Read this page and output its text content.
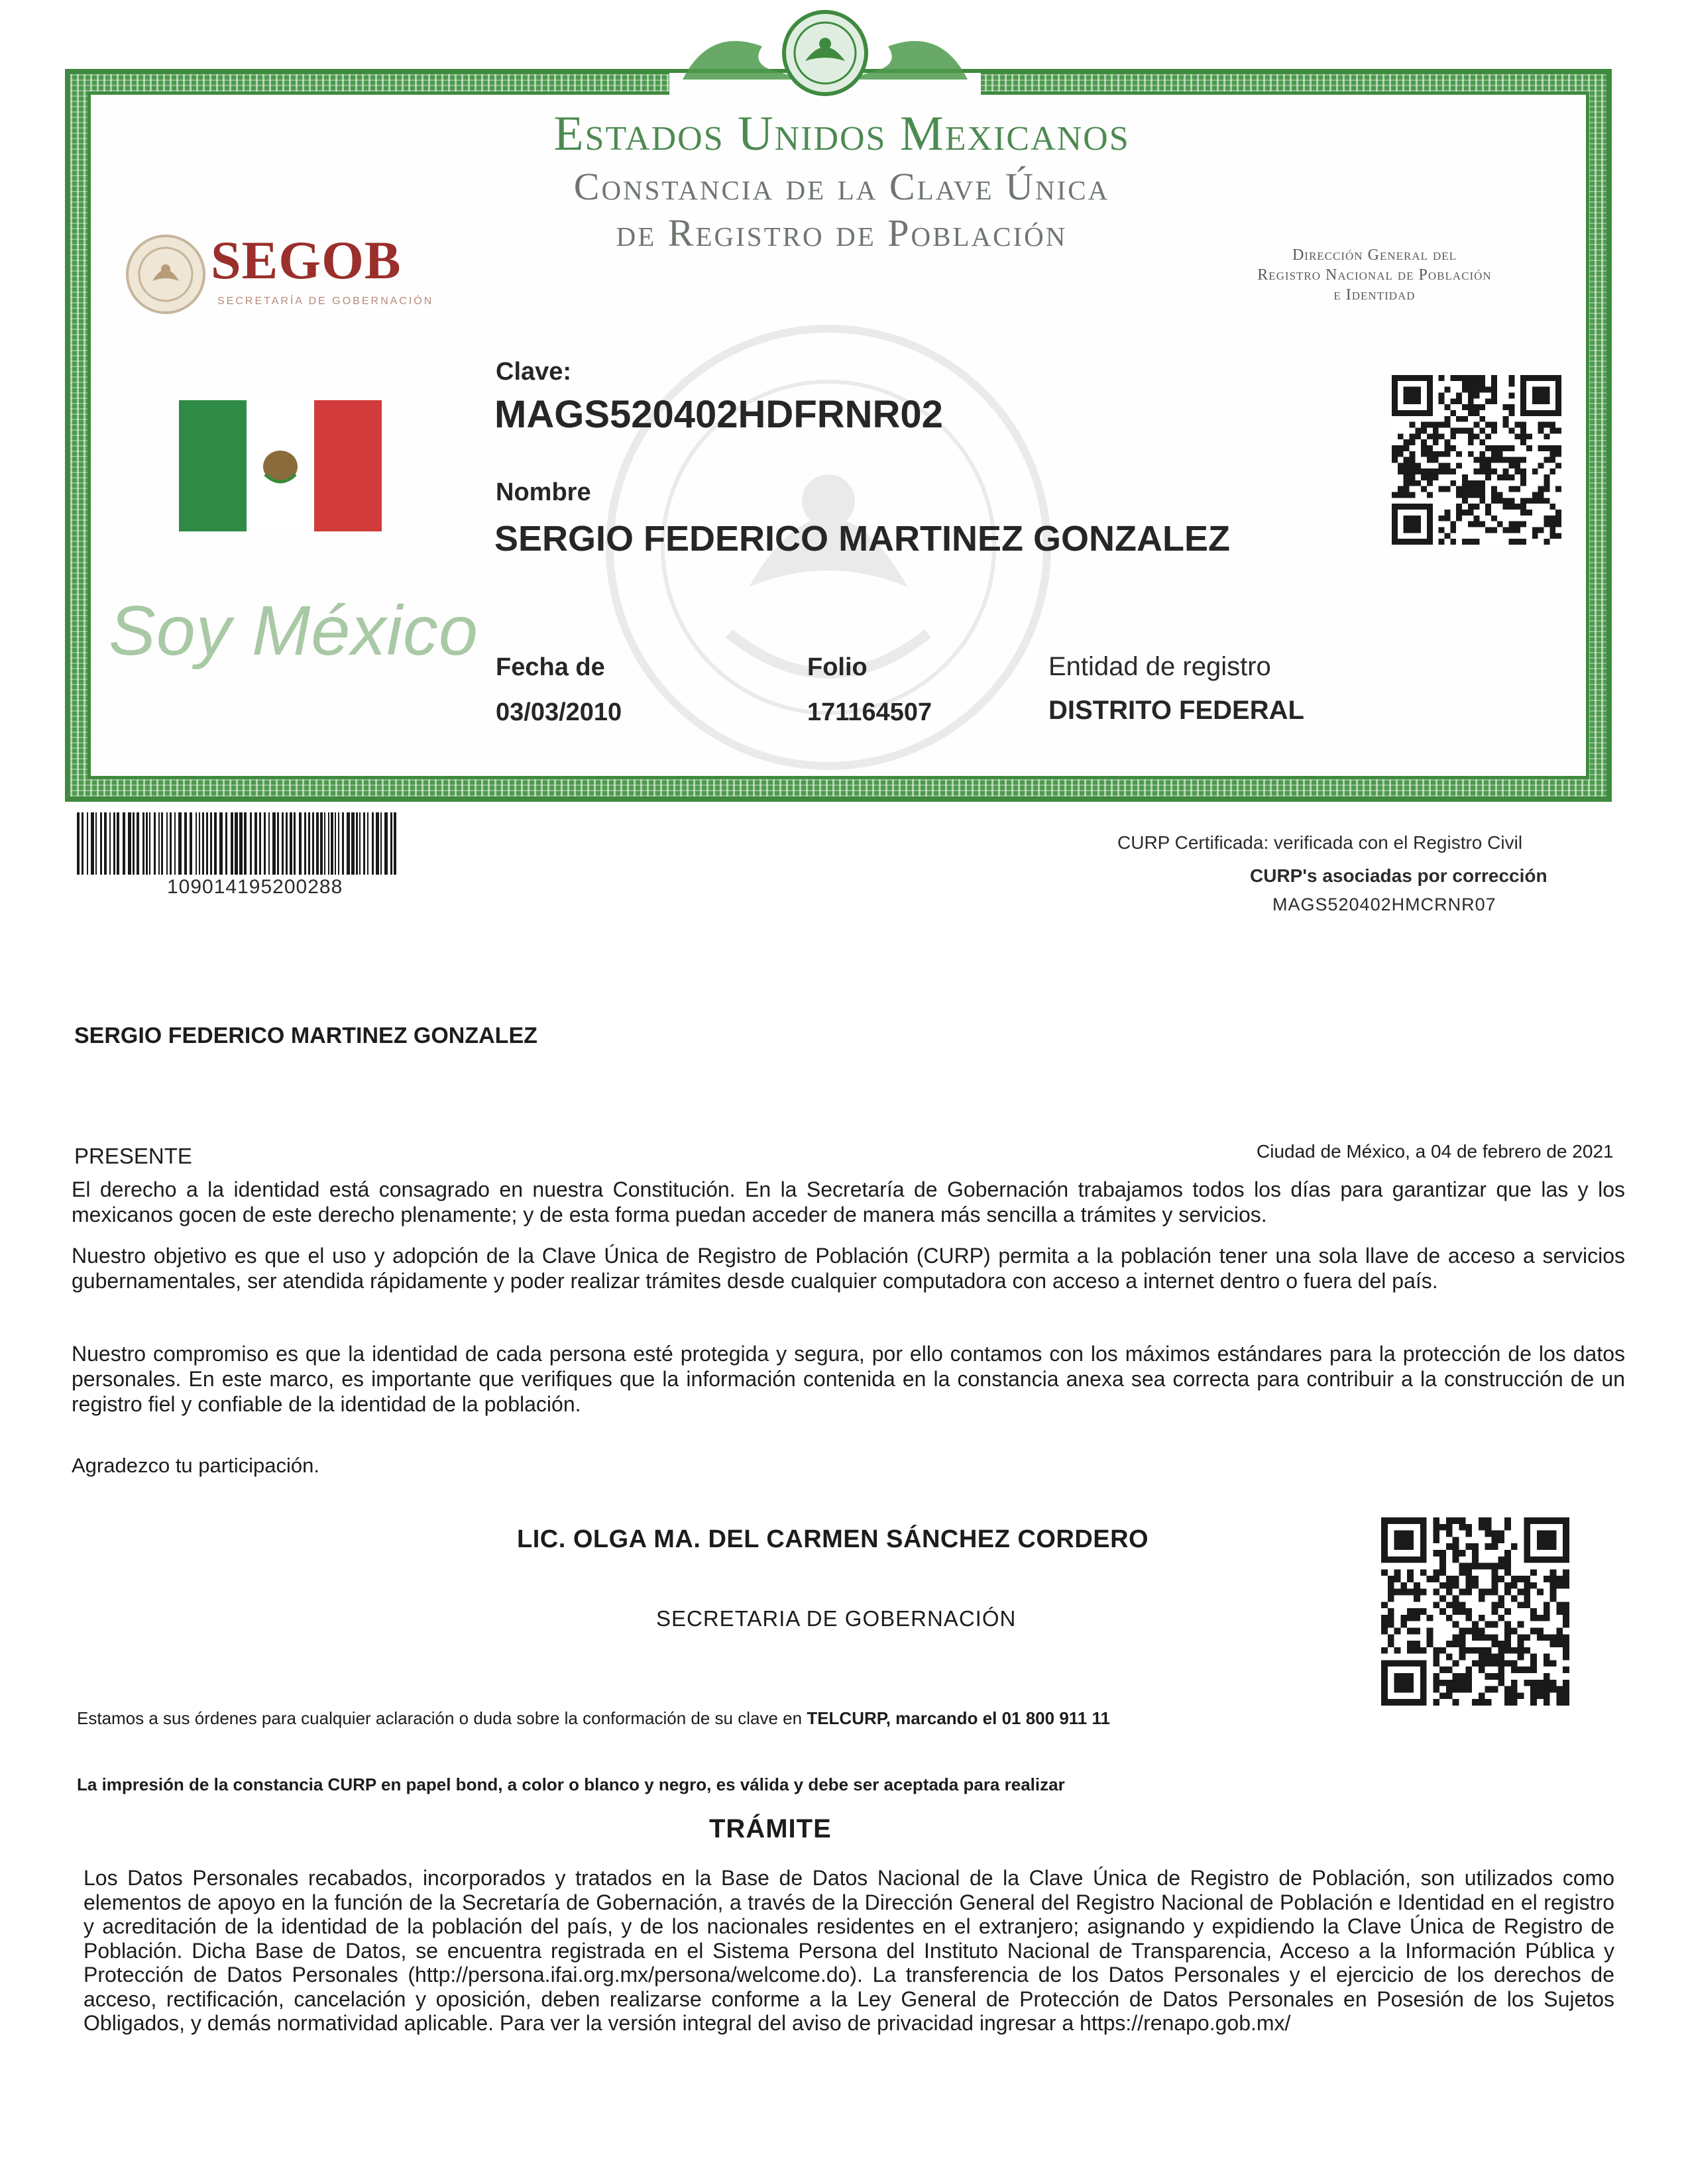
Estados Unidos Mexicanos
Constancia de la Clave Única
de Registro de Población
SEGOB
SECRETARÍA DE GOBERNACIÓN
Dirección General del
Registro Nacional de Población
e Identidad
Soy México
Clave:
MAGS520402HDFRNR02
Nombre
SERGIO FEDERICO MARTINEZ GONZALEZ
Fecha de
03/03/2010
Folio
171164507
Entidad de registro
DISTRITO FEDERAL
109014195200288
CURP Certificada: verificada con el Registro Civil
CURP's asociadas por corrección
MAGS520402HMCRNR07
SERGIO FEDERICO MARTINEZ GONZALEZ
PRESENTE	Ciudad de México, a 04 de febrero de 2021
El derecho a la identidad está consagrado en nuestra Constitución. En la Secretaría de Gobernación trabajamos todos los días para garantizar que las y los mexicanos gocen de este derecho plenamente; y de esta forma puedan acceder de manera más sencilla a trámites y servicios.
Nuestro objetivo es que el uso y adopción de la Clave Única de Registro de Población (CURP) permita a la población tener una sola llave de acceso a servicios gubernamentales, ser atendida rápidamente y poder realizar trámites desde cualquier computadora con acceso a internet dentro o fuera del país.
Nuestro compromiso es que la identidad de cada persona esté protegida y segura, por ello contamos con los máximos estándares para la protección de los datos personales. En este marco, es importante que verifiques que la información contenida en la constancia anexa sea correcta para contribuir a la construcción de un registro fiel y confiable de la identidad de la población.
Agradezco tu participación.
LIC. OLGA MA. DEL CARMEN SÁNCHEZ CORDERO
SECRETARIA DE GOBERNACIÓN
Estamos a sus órdenes para cualquier aclaración o duda sobre la conformación de su clave en TELCURP, marcando el 01 800 911 11
La impresión de la constancia CURP en papel bond, a color o blanco y negro, es válida y debe ser aceptada para realizar
TRÁMITE
Los Datos Personales recabados, incorporados y tratados en la Base de Datos Nacional de la Clave Única de Registro de Población, son utilizados como elementos de apoyo en la función de la Secretaría de Gobernación, a través de la Dirección General del Registro Nacional de Población e Identidad en el registro y acreditación de la identidad de la población del país, y de los nacionales residentes en el extranjero; asignando y expidiendo la Clave Única de Registro de Población. Dicha Base de Datos, se encuentra registrada en el Sistema Persona del Instituto Nacional de Transparencia, Acceso a la Información Pública y Protección de Datos Personales (http://persona.ifai.org.mx/persona/welcome.do). La transferencia de los Datos Personales y el ejercicio de los derechos de acceso, rectificación, cancelación y oposición, deben realizarse conforme a la Ley General de Protección de Datos Personales en Posesión de los Sujetos Obligados, y demás normatividad aplicable. Para ver la versión integral del aviso de privacidad ingresar a https://renapo.gob.mx/
